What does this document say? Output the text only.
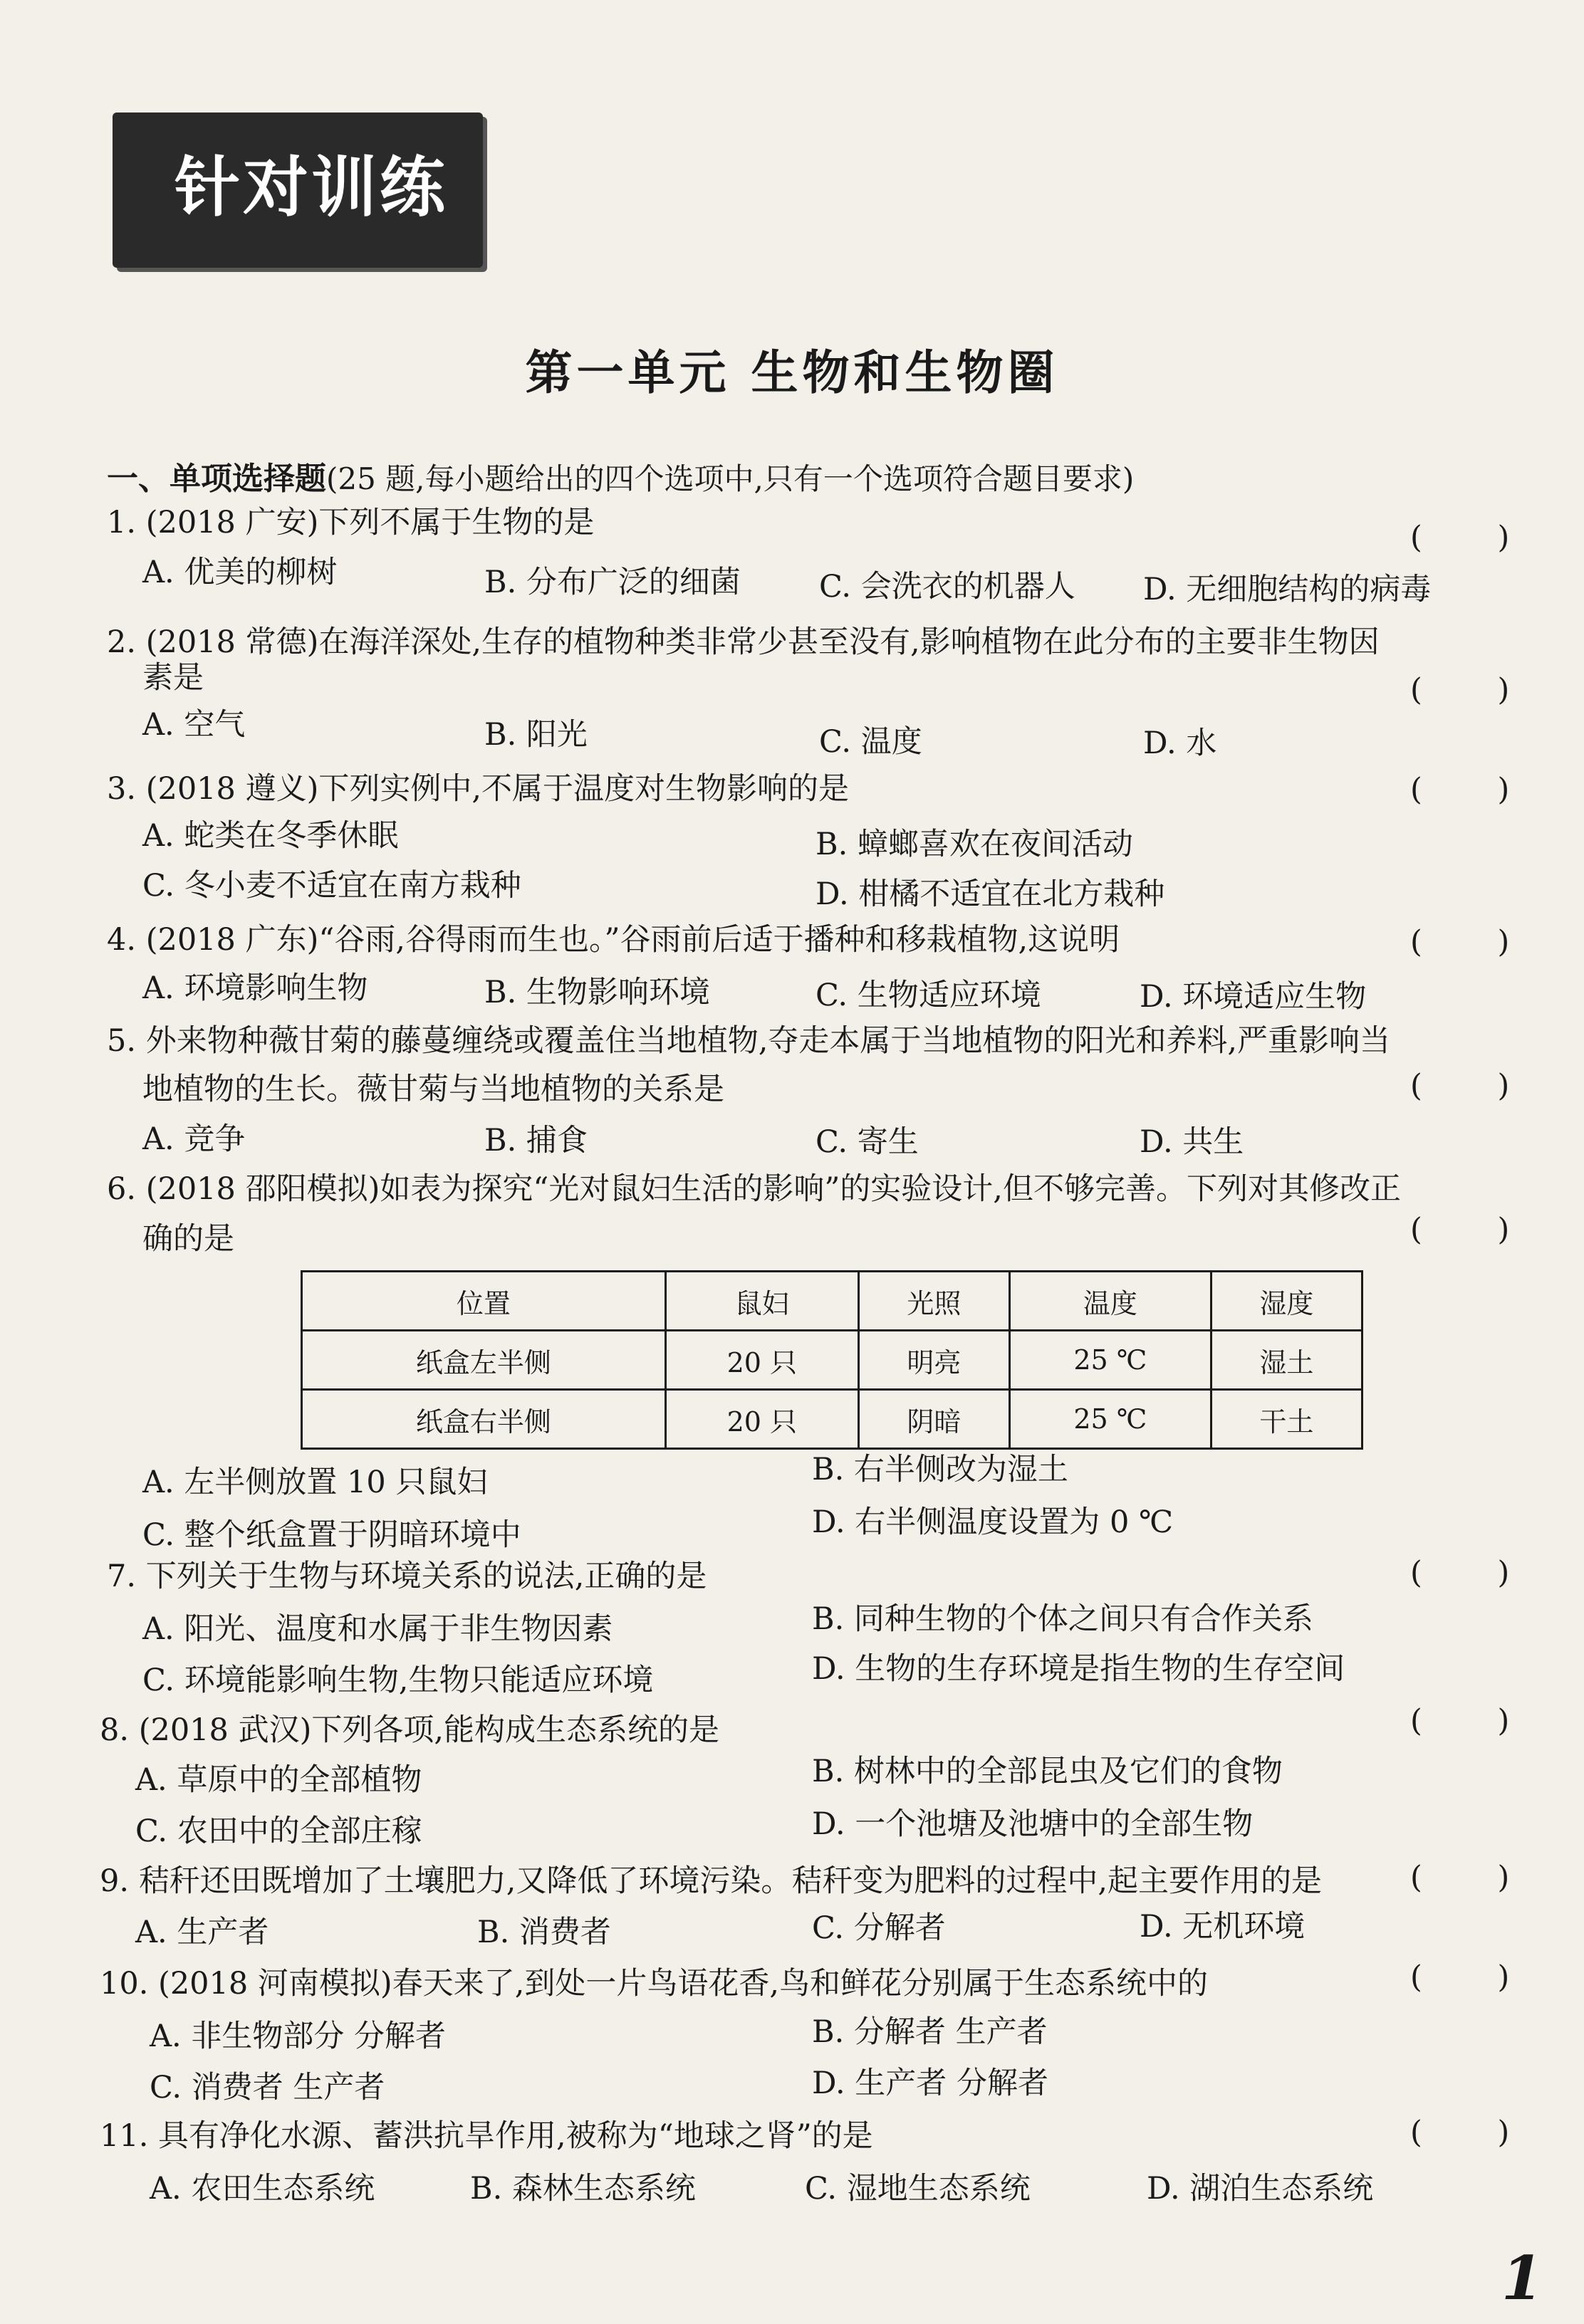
针对训练
第一单元 生物和生物圈
一、单项选择题(25 题,每小题给出的四个选项中,只有一个选项符合题目要求)
1. (2018 广安)下列不属于生物的是	( )
A. 优美的柳树	B. 分布广泛的细菌	C. 会洗衣的机器人 D. 无细胞结构的病毒
2. (2018 常德)在海洋深处,生存的植物种类非常少甚至没有,影响植物在此分布的主要非生物因
素是	( )
A. 空气	B. 阳光	C. 温度	D. 水
3. (2018 遵义)下列实例中,不属于温度对生物影响的是	( )
A. 蛇类在冬季休眠	B. 蟑螂喜欢在夜间活动
C. 冬小麦不适宜在南方栽种	D. 柑橘不适宜在北方栽种
4. (2018 广东)“谷雨,谷得雨而生也。”谷雨前后适于播种和移栽植物,这说明	( )
A. 环境影响生物	B. 生物影响环境	C. 生物适应环境	D. 环境适应生物
5. 外来物种薇甘菊的藤蔓缠绕或覆盖住当地植物,夺走本属于当地植物的阳光和养料,严重影响当
地植物的生长。薇甘菊与当地植物的关系是	( )
A. 竞争	B. 捕食	C. 寄生	D. 共生
6. (2018 邵阳模拟)如表为探究“光对鼠妇生活的影响”的实验设计,但不够完善。下列对其修改正
确的是	( )
位置	鼠妇	光照	温度	湿度
纸盒左半侧	20 只	明亮	25 ℃	湿土
纸盒右半侧	20 只	阴暗	25 ℃	干土
A. 左半侧放置 10 只鼠妇	B. 右半侧改为湿土
C. 整个纸盒置于阴暗环境中	D. 右半侧温度设置为 0 ℃
7. 下列关于生物与环境关系的说法,正确的是	( )
A. 阳光、温度和水属于非生物因素	B. 同种生物的个体之间只有合作关系
C. 环境能影响生物,生物只能适应环境	D. 生物的生存环境是指生物的生存空间
8. (2018 武汉)下列各项,能构成生态系统的是	( )
A. 草原中的全部植物	B. 树林中的全部昆虫及它们的食物
C. 农田中的全部庄稼	D. 一个池塘及池塘中的全部生物
9. 秸秆还田既增加了土壤肥力,又降低了环境污染。秸秆变为肥料的过程中,起主要作用的是	( )
A. 生产者	B. 消费者	C. 分解者	D. 无机环境
10. (2018 河南模拟)春天来了,到处一片鸟语花香,鸟和鲜花分别属于生态系统中的	( )
A. 非生物部分 分解者	B. 分解者 生产者
C. 消费者 生产者	D. 生产者 分解者
11. 具有净化水源、蓄洪抗旱作用,被称为“地球之肾”的是	( )
A. 农田生态系统	B. 森林生态系统	C. 湿地生态系统	D. 湖泊生态系统
1
